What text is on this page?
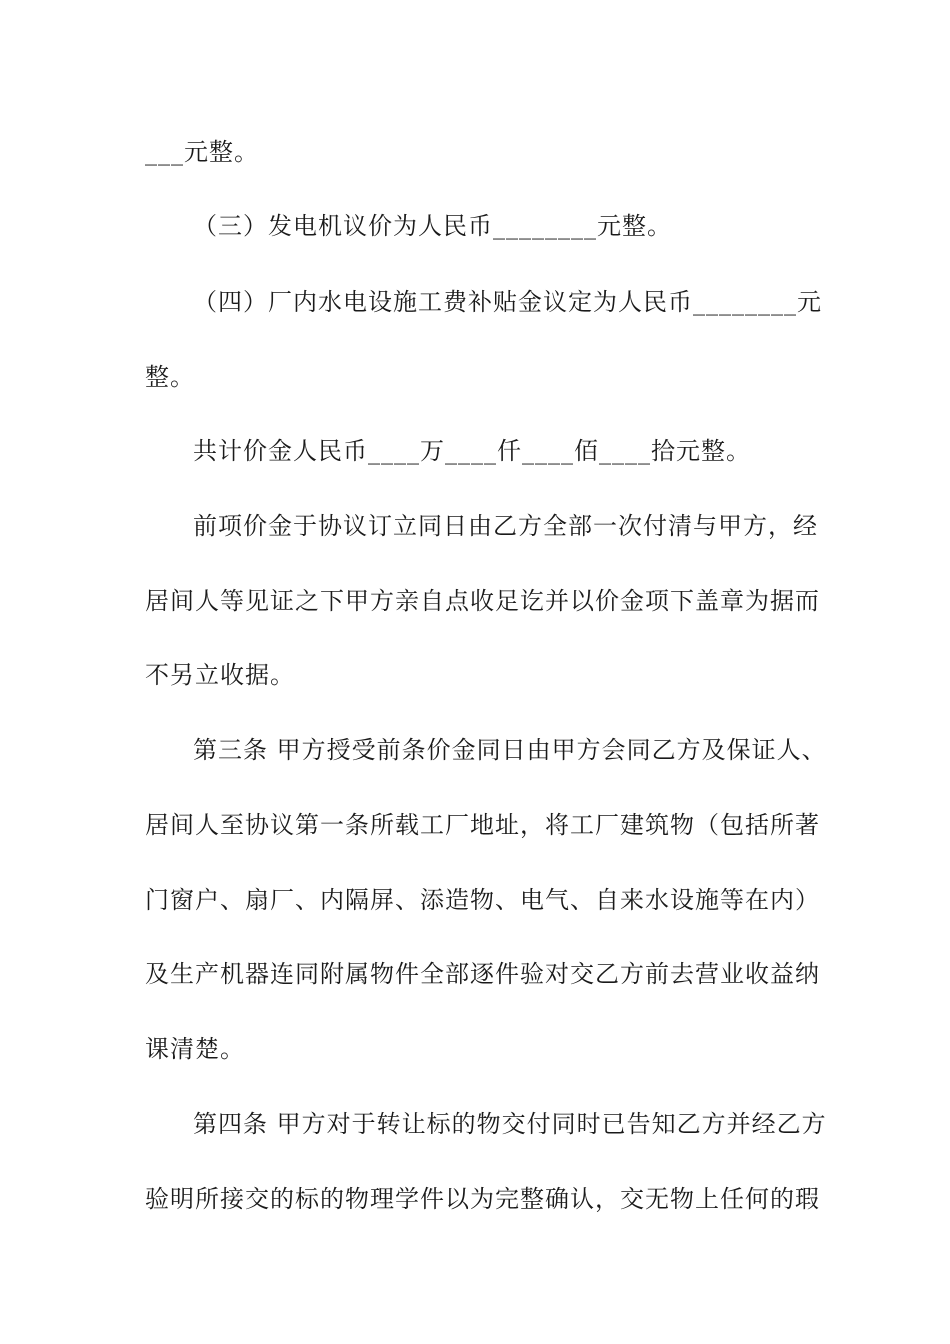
___元整。
（三）发电机议价为人民币________元整。
（四）厂内水电设施工费补贴金议定为人民币________元
整。
共计价金人民币____万____仟____佰____拾元整。
前项价金于协议订立同日由乙方全部一次付清与甲方，经
居间人等见证之下甲方亲自点收足讫并以价金项下盖章为据而
不另立收据。
第三条 甲方授受前条价金同日由甲方会同乙方及保证人、
居间人至协议第一条所载工厂地址，将工厂建筑物（包括所著
门窗户、扇厂、内隔屏、添造物、电气、自来水设施等在内）
及生产机器连同附属物件全部逐件验对交乙方前去营业收益纳
课清楚。
第四条 甲方对于转让标的物交付同时已告知乙方并经乙方
验明所接交的标的物理学件以为完整确认，交无物上任何的瑕
